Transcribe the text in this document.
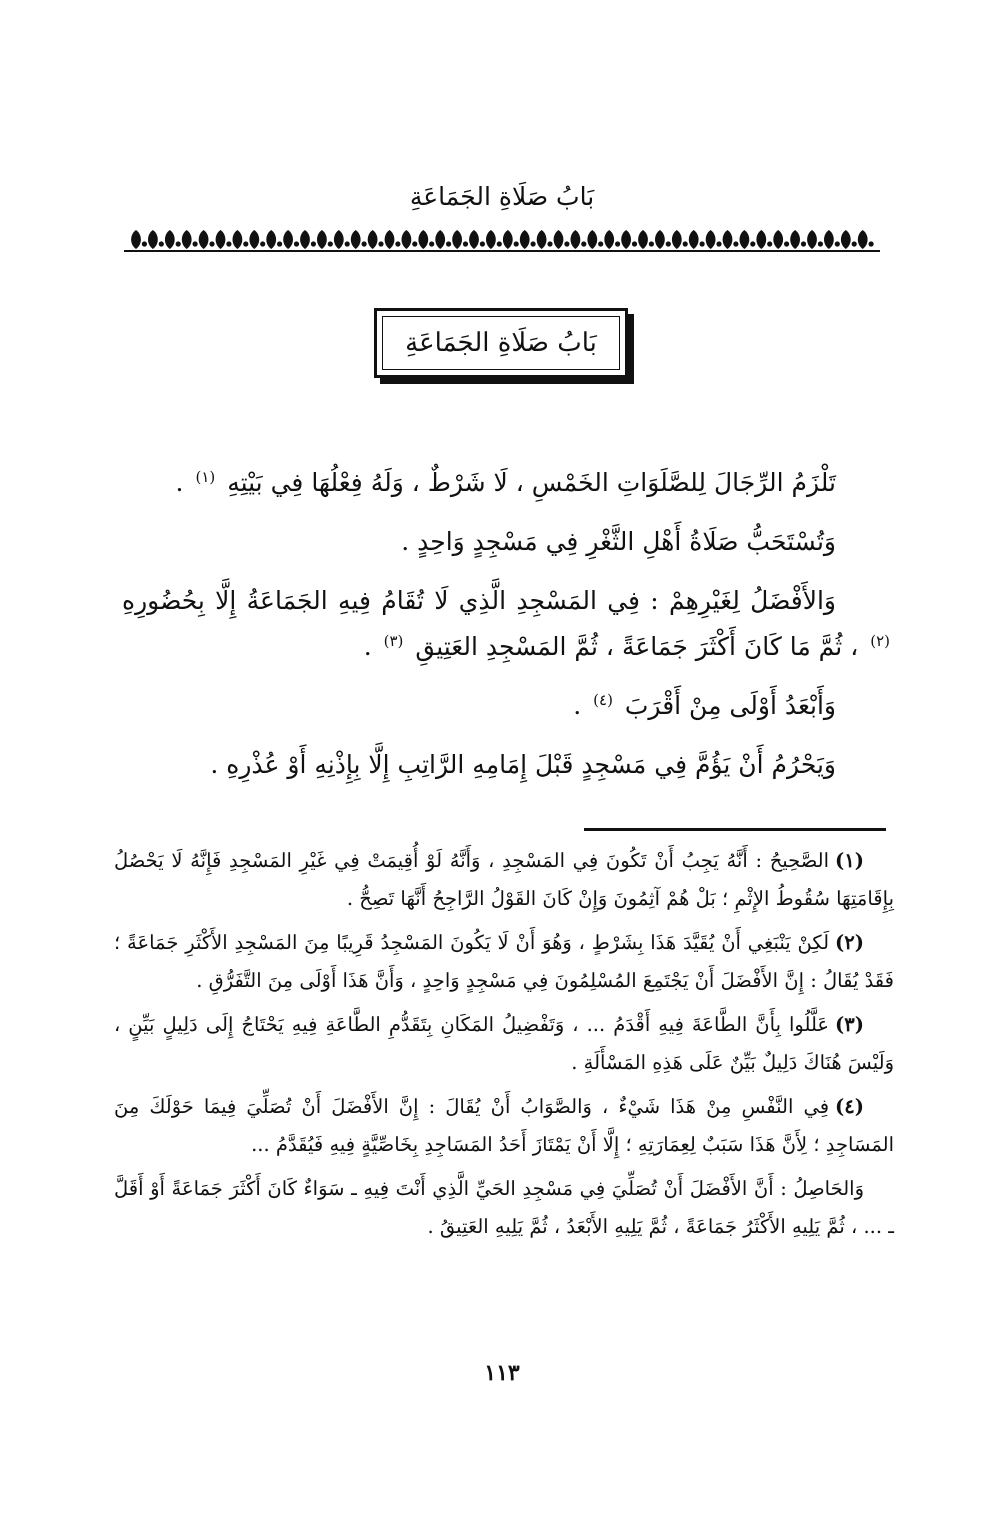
بَابُ صَلَاةِ الجَمَاعَةِ
بَابُ صَلَاةِ الجَمَاعَةِ

تَلْزَمُ الرِّجَالَ لِلصَّلَوَاتِ الخَمْسِ ، لَا شَرْطٌ ، وَلَهُ فِعْلُهَا فِي بَيْتِهِ $^{(١)}$ .

وَتُسْتَحَبُّ صَلَاةُ أَهْلِ الثَّغْرِ فِي مَسْجِدٍ وَاحِدٍ .

وَالأَفْضَلُ لِغَيْرِهِمْ : فِي المَسْجِدِ الَّذِي لَا تُقَامُ فِيهِ الجَمَاعَةُ إِلَّا بِحُضُورِهِ $^{(٢)}$ ، ثُمَّ مَا كَانَ أَكْثَرَ جَمَاعَةً ، ثُمَّ المَسْجِدِ العَتِيقِ $^{(٣)}$ .

وَأَبْعَدُ أَوْلَى مِنْ أَقْرَبَ $^{(٤)}$ .

وَيَحْرُمُ أَنْ يَؤُمَّ فِي مَسْجِدٍ قَبْلَ إِمَامِهِ الرَّاتِبِ إِلَّا بِإِذْنِهِ أَوْ عُذْرِهِ .

(١)الصَّحِيحُ : أَنَّهُ يَجِبُ أَنْ تَكُونَ فِي المَسْجِدِ ، وَأَنَّهُ لَوْ أُقِيمَتْ فِي غَيْرِ المَسْجِدِ فَإِنَّهُ لَا يَحْصُلُ بِإِقَامَتِهَا سُقُوطُ الإِثْمِ ؛ بَلْ هُمْ آثِمُونَ وَإِنْ كَانَ القَوْلُ الرَّاجِحُ أَنَّهَا تَصِحُّ .

(٢)لَكِنْ يَنْبَغِي أَنْ يُقَيَّدَ هَذَا بِشَرْطٍ ، وَهُوَ أَنْ لَا يَكُونَ المَسْجِدُ قَرِيبًا مِنَ المَسْجِدِ الأَكْثَرِ جَمَاعَةً ؛ فَقَدْ يُقَالُ : إِنَّ الأَفْضَلَ أَنْ يَجْتَمِعَ المُسْلِمُونَ فِي مَسْجِدٍ وَاحِدٍ ، وَأَنَّ هَذَا أَوْلَى مِنَ التَّفَرُّقِ .

(٣)عَلَّلُوا بِأَنَّ الطَّاعَةَ فِيهِ أَقْدَمُ ... ، وَتَفْضِيلُ المَكَانِ بِتَقَدُّمِ الطَّاعَةِ فِيهِ يَحْتَاجُ إِلَى دَلِيلٍ بَيِّنٍ ، وَلَيْسَ هُنَاكَ دَلِيلٌ بَيِّنٌ عَلَى هَذِهِ المَسْأَلَةِ .

(٤)فِي النَّفْسِ مِنْ هَذَا شَيْءٌ ، وَالصَّوَابُ أَنْ يُقَالَ : إِنَّ الأَفْضَلَ أَنْ تُصَلِّيَ فِيمَا حَوْلَكَ مِنَ المَسَاجِدِ ؛ لِأَنَّ هَذَا سَبَبٌ لِعِمَارَتِهِ ؛ إِلَّا أَنْ يَمْتَازَ أَحَدُ المَسَاجِدِ بِخَاصِّيَّةٍ فِيهِ فَيُقَدَّمُ ...

وَالحَاصِلُ : أَنَّ الأَفْضَلَ أَنْ تُصَلِّيَ فِي مَسْجِدِ الحَيِّ الَّذِي أَنْتَ فِيهِ ـ سَوَاءٌ كَانَ أَكْثَرَ جَمَاعَةً أَوْ أَقَلَّ ـ ... ، ثُمَّ يَلِيهِ الأَكْثَرُ جَمَاعَةً ، ثُمَّ يَلِيهِ الأَبْعَدُ ، ثُمَّ يَلِيهِ العَتِيقُ .

١١٣
